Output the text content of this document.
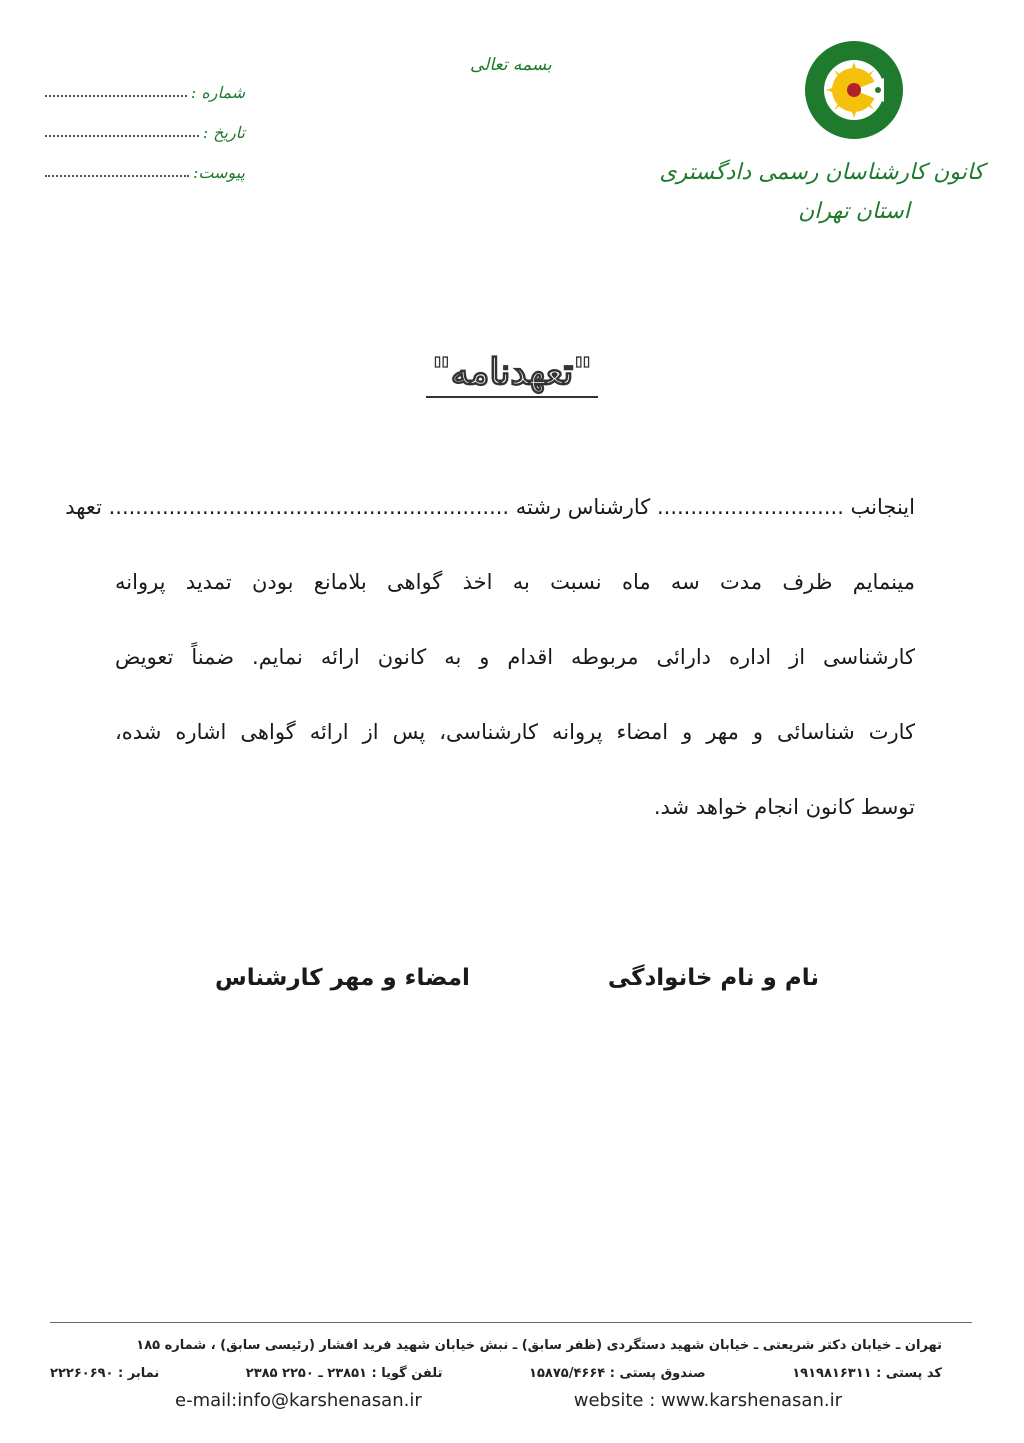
کانون کارشناسان رسمی دادگستری
استان تهران
بسمه تعالی
شماره :
تاریخ :
پیوست:
"تعهدنامه"
اینجانب ............................ کارشناس رشته ............................................................ تعهد
مینمایم ظرف مدت سه ماه نسبت به اخذ گواهی بلامانع بودن تمدید پروانه
کارشناسی از اداره دارائی مربوطه اقدام و به کانون ارائه نمایم. ضمناً تعویض
کارت شناسائی و مهر و امضاء پروانه کارشناسی، پس از ارائه گواهی اشاره شده،
توسط کانون انجام خواهد شد.
نام و نام خانوادگی
امضاء و مهر کارشناس
تهران ـ خیابان دکتر شریعتی ـ خیابان شهید دستگردی (ظفر سابق) ـ نبش خیابان شهید فرید افشار (رئیسی سابق) ، شماره ۱۸۵
کد پستی : ۱۹۱۹۸۱۶۳۱۱
صندوق پستی : ۱۵۸۷۵/۴۶۶۴
تلفن گویا : ۲۳۸۵۱ ـ ۲۲۵۰ ۲۳۸۵
نمابر : ۲۲۲۶۰۶۹۰
e-mail:info@karshenasan.ir	website : www.karshenasan.ir
